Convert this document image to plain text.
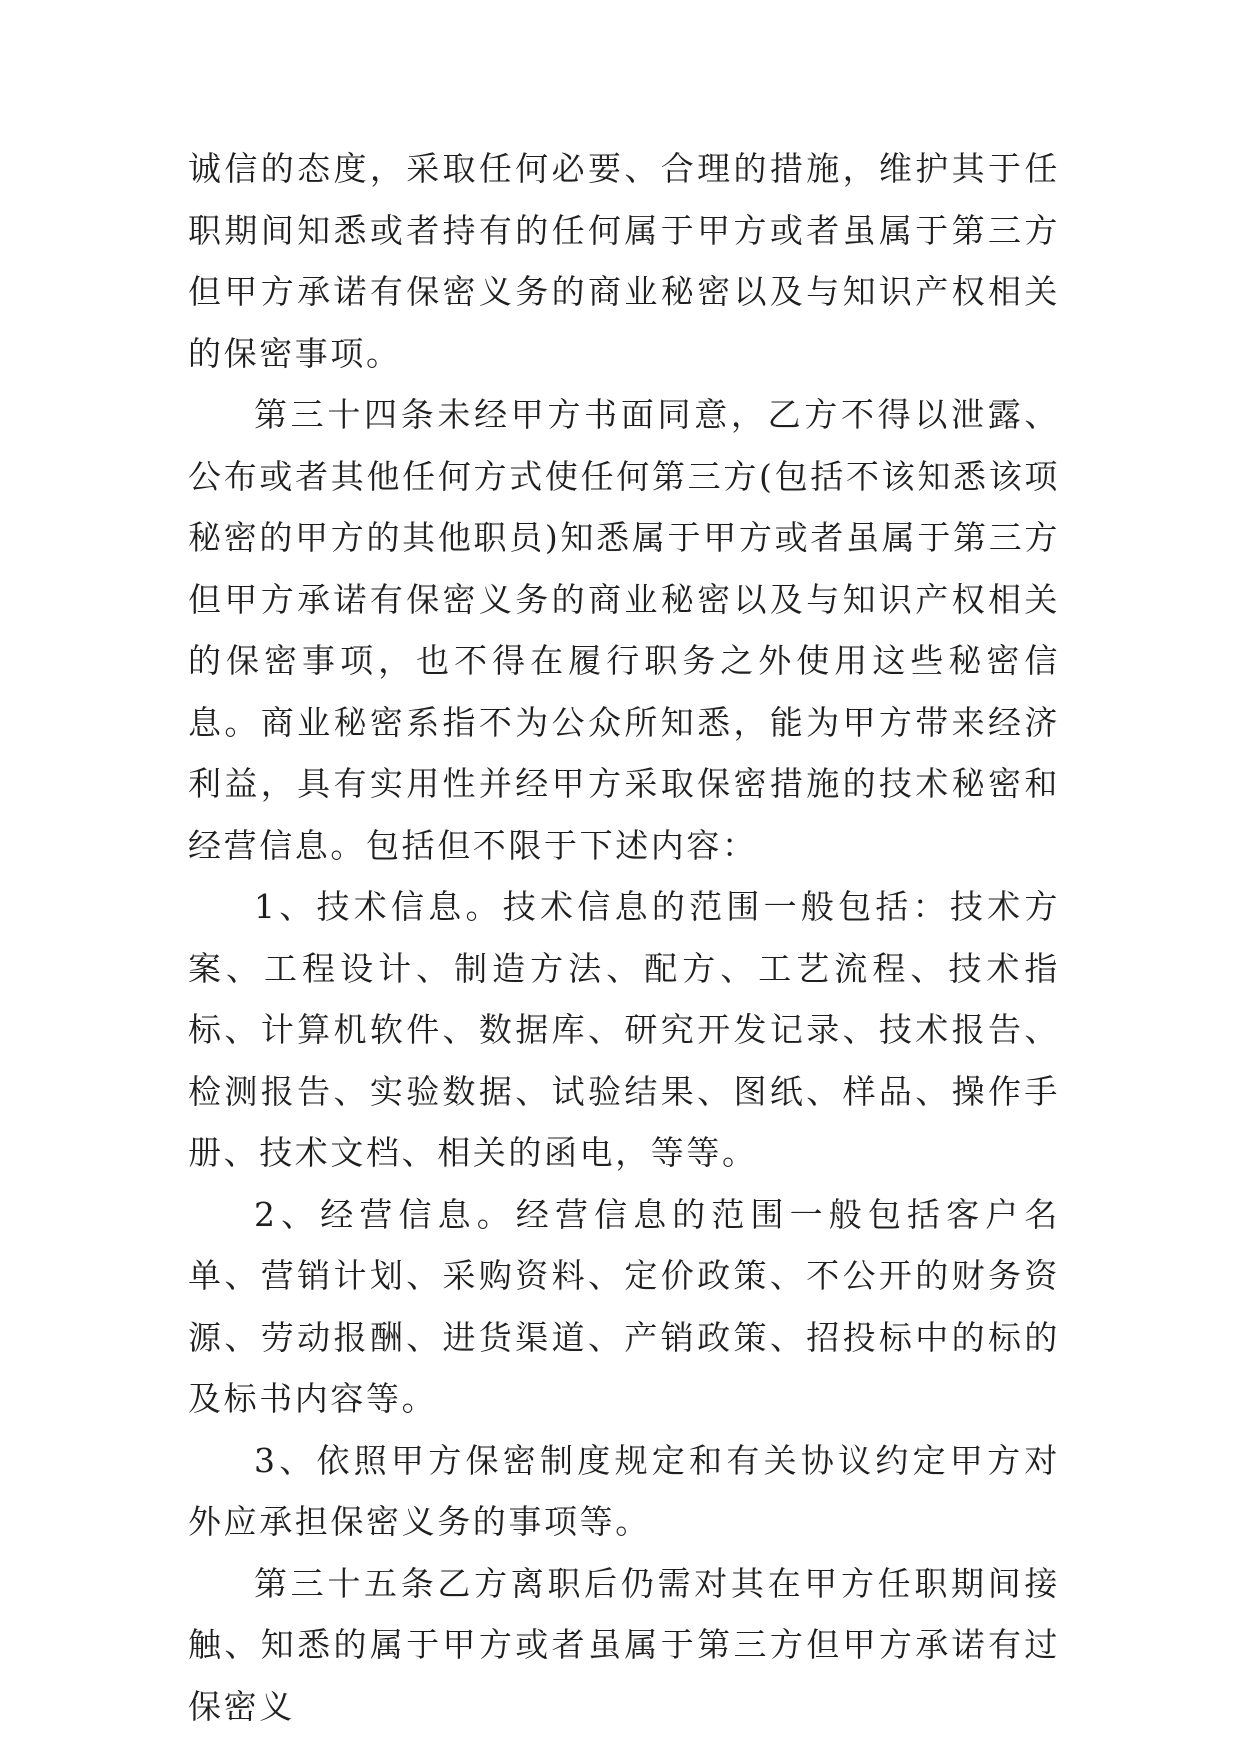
诚信的态度，采取任何必要、合理的措施，维护其于任职期间知悉或者持有的任何属于甲方或者虽属于第三方但甲方承诺有保密义务的商业秘密以及与知识产权相关的保密事项。

第三十四条未经甲方书面同意，乙方不得以泄露、公布或者其他任何方式使任何第三方(包括不该知悉该项秘密的甲方的其他职员)知悉属于甲方或者虽属于第三方但甲方承诺有保密义务的商业秘密以及与知识产权相关的保密事项，也不得在履行职务之外使用这些秘密信息。商业秘密系指不为公众所知悉，能为甲方带来经济利益，具有实用性并经甲方采取保密措施的技术秘密和经营信息。包括但不限于下述内容：

1、技术信息。技术信息的范围一般包括：技术方案、工程设计、制造方法、配方、工艺流程、技术指标、计算机软件、数据库、研究开发记录、技术报告、检测报告、实验数据、试验结果、图纸、样品、操作手册、技术文档、相关的函电，等等。

2、经营信息。经营信息的范围一般包括客户名单、营销计划、采购资料、定价政策、不公开的财务资源、劳动报酬、进货渠道、产销政策、招投标中的标的及标书内容等。

3、依照甲方保密制度规定和有关协议约定甲方对外应承担保密义务的事项等。

第三十五条乙方离职后仍需对其在甲方任职期间接触、知悉的属于甲方或者虽属于第三方但甲方承诺有过保密义
